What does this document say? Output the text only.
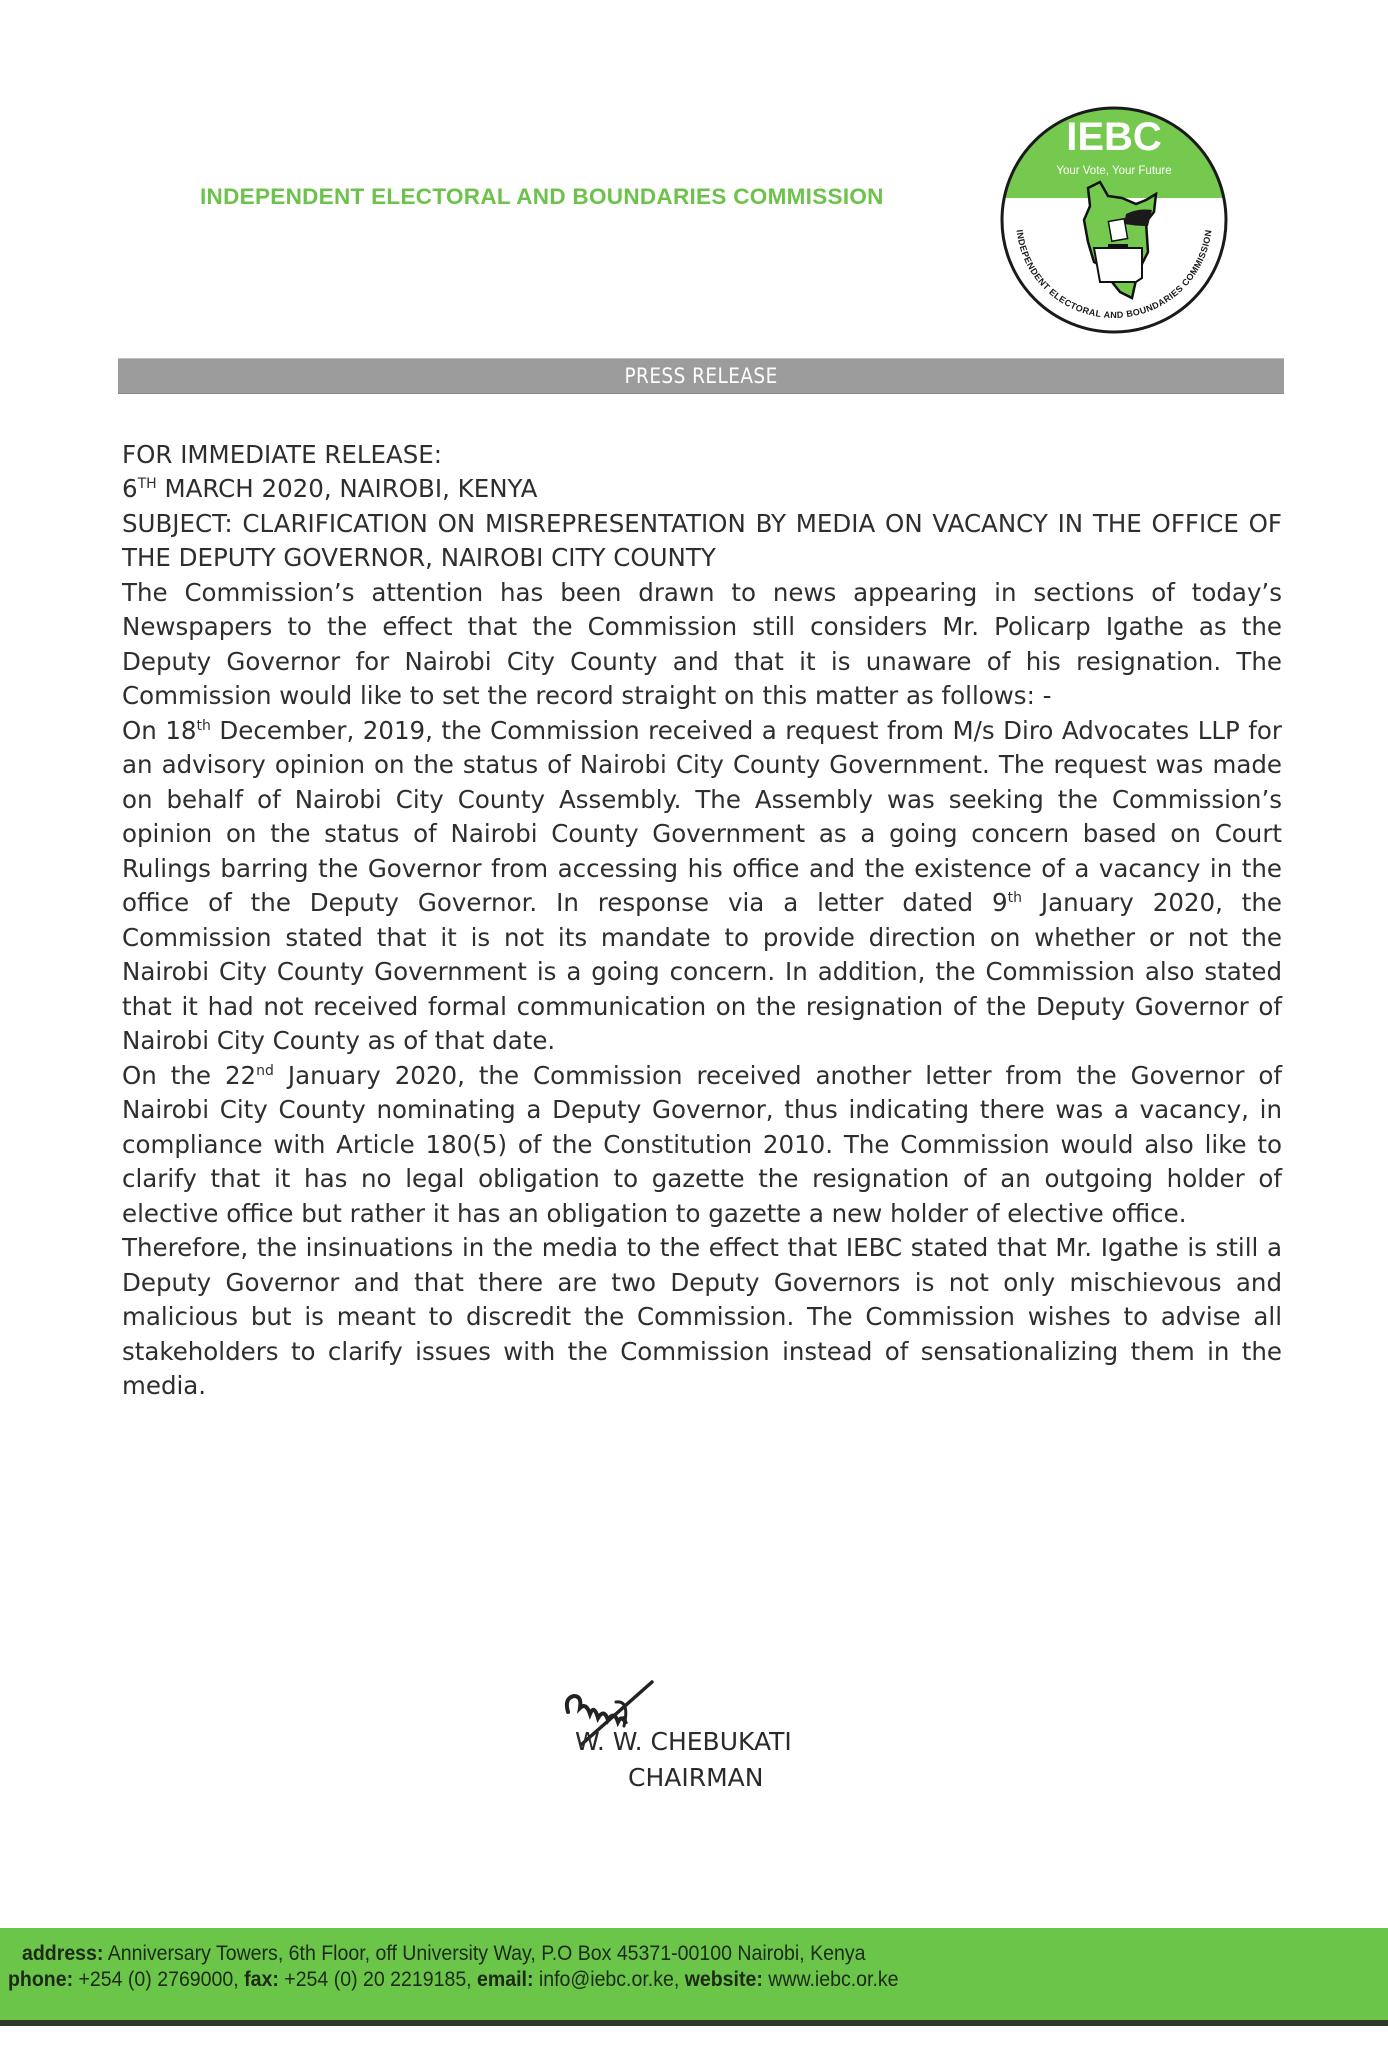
INDEPENDENT ELECTORAL AND BOUNDARIES COMMISSION
IEBC
Your Vote, Your Future
INDEPENDENT ELECTORAL AND BOUNDARIES COMMISSION
PRESS RELEASE

FOR IMMEDIATE RELEASE:

6TH MARCH 2020, NAIROBI, KENYA

SUBJECT: CLARIFICATION ON MISREPRESENTATION BY MEDIA ON VACANCY IN THE OFFICE OF THE DEPUTY GOVERNOR, NAIROBI CITY COUNTY

The Commission’s attention has been drawn to news appearing in sections of today’s Newspapers to the effect that the Commission still considers Mr. Policarp Igathe as the Deputy Governor for Nairobi City County and that it is unaware of his resignation. The Commission would like to set the record straight on this matter as follows: -

On 18th December, 2019, the Commission received a request from M/s Diro Advocates LLP for an advisory opinion on the status of Nairobi City County Government. The request was made on behalf of Nairobi City County Assembly. The Assembly was seeking the Commission’s opinion on the status of Nairobi County Government as a going concern based on Court Rulings barring the Governor from accessing his office and the existence of a vacancy in the office of the Deputy Governor. In response via a letter dated 9th January 2020, the Commission stated that it is not its mandate to provide direction on whether or not the Nairobi City County Government is a going concern. In addition, the Commission also stated that it had not received formal communication on the resignation of the Deputy Governor of Nairobi City County as of that date.

On the 22nd January 2020, the Commission received another letter from the Governor of Nairobi City County nominating a Deputy Governor, thus indicating there was a vacancy, in compliance with Article 180(5) of the Constitution 2010. The Commission would also like to clarify that it has no legal obligation to gazette the resignation of an outgoing holder of elective office but rather it has an obligation to gazette a new holder of elective office.

Therefore, the insinuations in the media to the effect that IEBC stated that Mr. Igathe is still a Deputy Governor and that there are two Deputy Governors is not only mischievous and malicious but is meant to discredit the Commission. The Commission wishes to advise all stakeholders to clarify issues with the Commission instead of sensationalizing them in the media.

W. W. CHEBUKATI
CHAIRMAN
address: Anniversary Towers, 6th Floor, off University Way, P.O Box 45371-00100 Nairobi, Kenya
phone: +254 (0) 2769000, fax: +254 (0) 20 2219185, email: info@iebc.or.ke, website: www.iebc.or.ke
